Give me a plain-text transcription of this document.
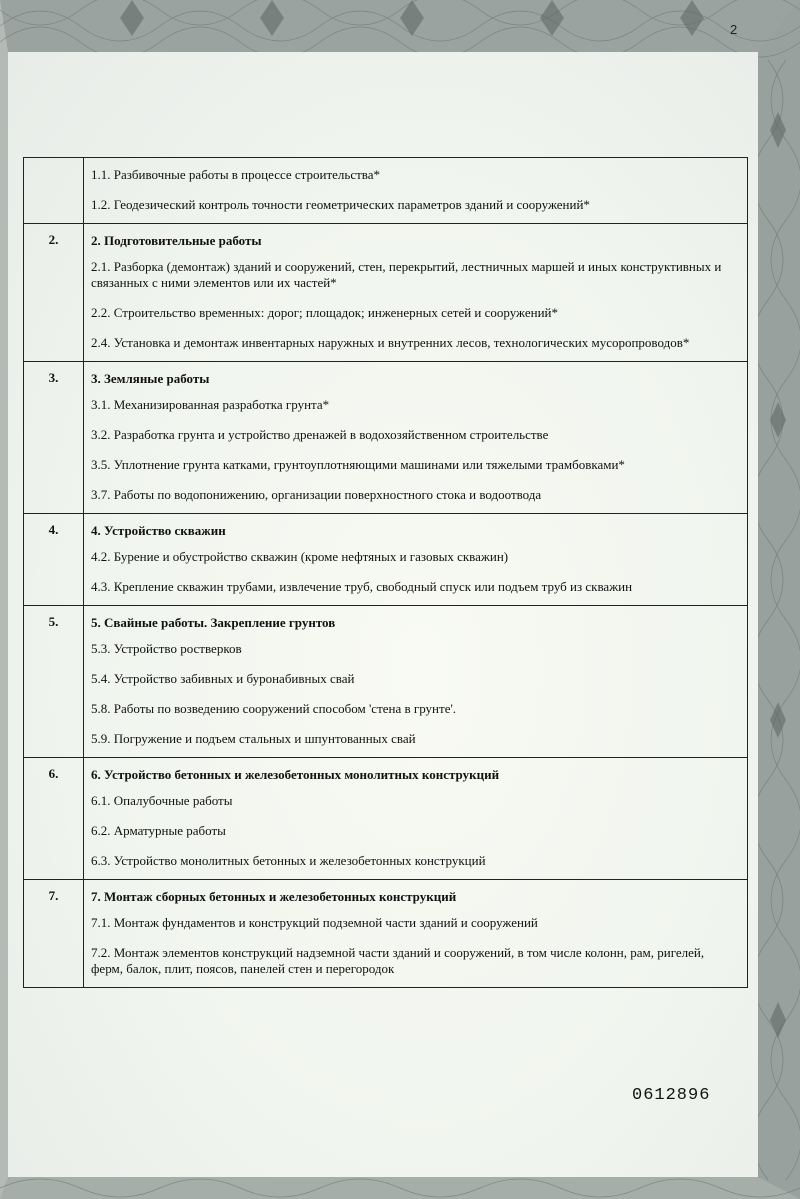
2

	1.1. Разбивочные работы в процессе строительства*
1.2. Геодезический контроль точности геометрических параметров зданий и сооружений*

2.	2. Подготовительные работы
2.1. Разборка (демонтаж) зданий и сооружений, стен, перекрытий, лестничных маршей и иных конструктивных и связанных с ними элементов или их частей*
2.2. Строительство временных: дорог; площадок; инженерных сетей и сооружений*
2.4. Установка и демонтаж инвентарных наружных и внутренних лесов, технологических мусоропроводов*

3.	3. Земляные работы
3.1. Механизированная разработка грунта*
3.2. Разработка грунта и устройство дренажей в водохозяйственном строительстве
3.5. Уплотнение грунта катками, грунтоуплотняющими машинами или тяжелыми трамбовками*
3.7. Работы по водопонижению, организации поверхностного стока и водоотвода

4.	4. Устройство скважин
4.2. Бурение и обустройство скважин (кроме нефтяных и газовых скважин)
4.3. Крепление скважин трубами, извлечение труб, свободный спуск или подъем труб из скважин

5.	5. Свайные работы. Закрепление грунтов
5.3. Устройство ростверков
5.4. Устройство забивных и буронабивных свай
5.8. Работы по возведению сооружений способом 'стена в грунте'.
5.9. Погружение и подъем стальных и шпунтованных свай

6.	6. Устройство бетонных и железобетонных монолитных конструкций
6.1. Опалубочные работы
6.2. Арматурные работы
6.3. Устройство монолитных бетонных и железобетонных конструкций

7.	7. Монтаж сборных бетонных и железобетонных конструкций
7.1. Монтаж фундаментов и конструкций подземной части зданий и сооружений
7.2. Монтаж элементов конструкций надземной части зданий и сооружений, в том числе колонн, рам, ригелей, ферм, балок, плит, поясов, панелей стен и перегородок
0612896
